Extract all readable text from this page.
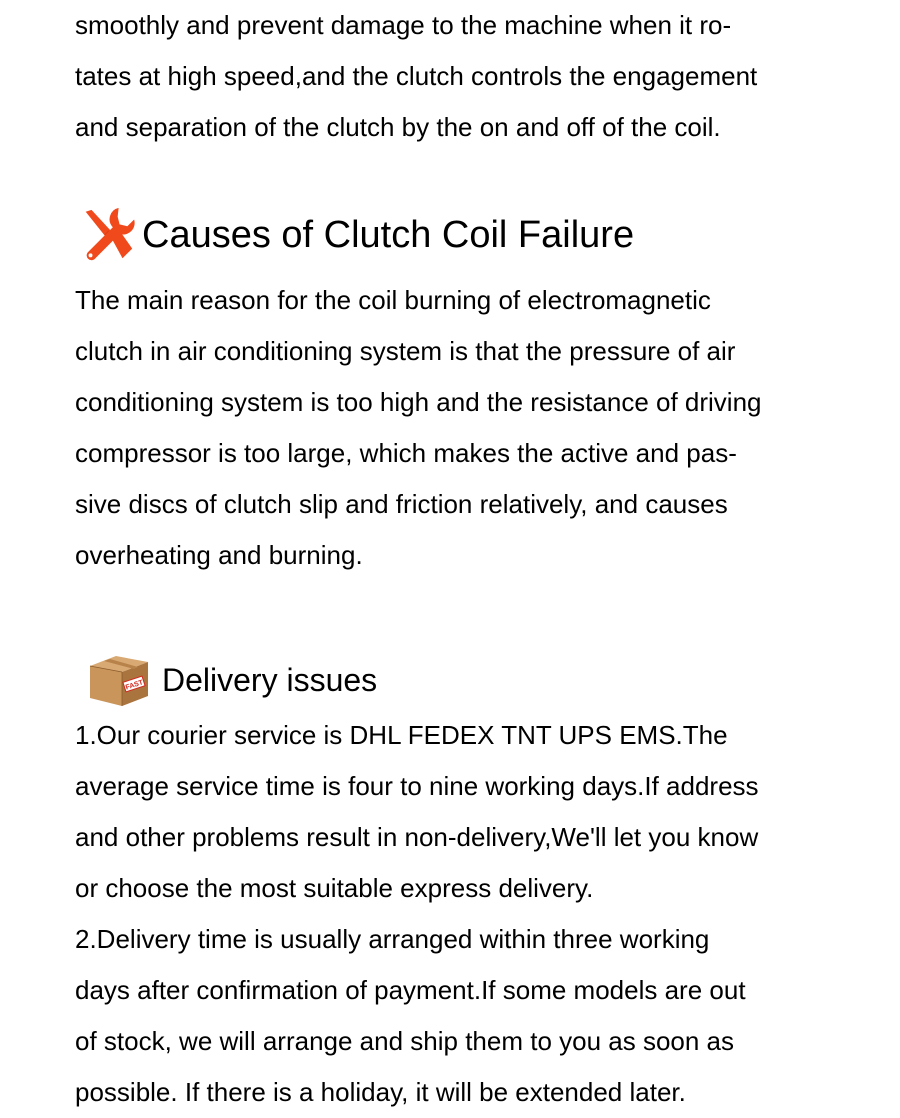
smoothly and prevent damage to the machine when it ro-
tates at high speed,and the clutch controls the engagement
and separation of the clutch by the on and off of the coil.

Causes of Clutch Coil Failure

The main reason for the coil burning of electromagnetic
clutch in air conditioning system is that the pressure of air
conditioning system is too high and the resistance of driving
compressor is too large, which makes the active and pas-
sive discs of clutch slip and friction relatively, and causes
overheating and burning.

FAST Delivery issues

1.Our courier service is DHL FEDEX TNT UPS EMS.The
average service time is four to nine working days.If address
and other problems result in non-delivery,We'll let you know
or choose the most suitable express delivery.
2.Delivery time is usually arranged within three working
days after confirmation of payment.If some models are out
of stock, we will arrange and ship them to you as soon as
possible. If there is a holiday, it will be extended later.
